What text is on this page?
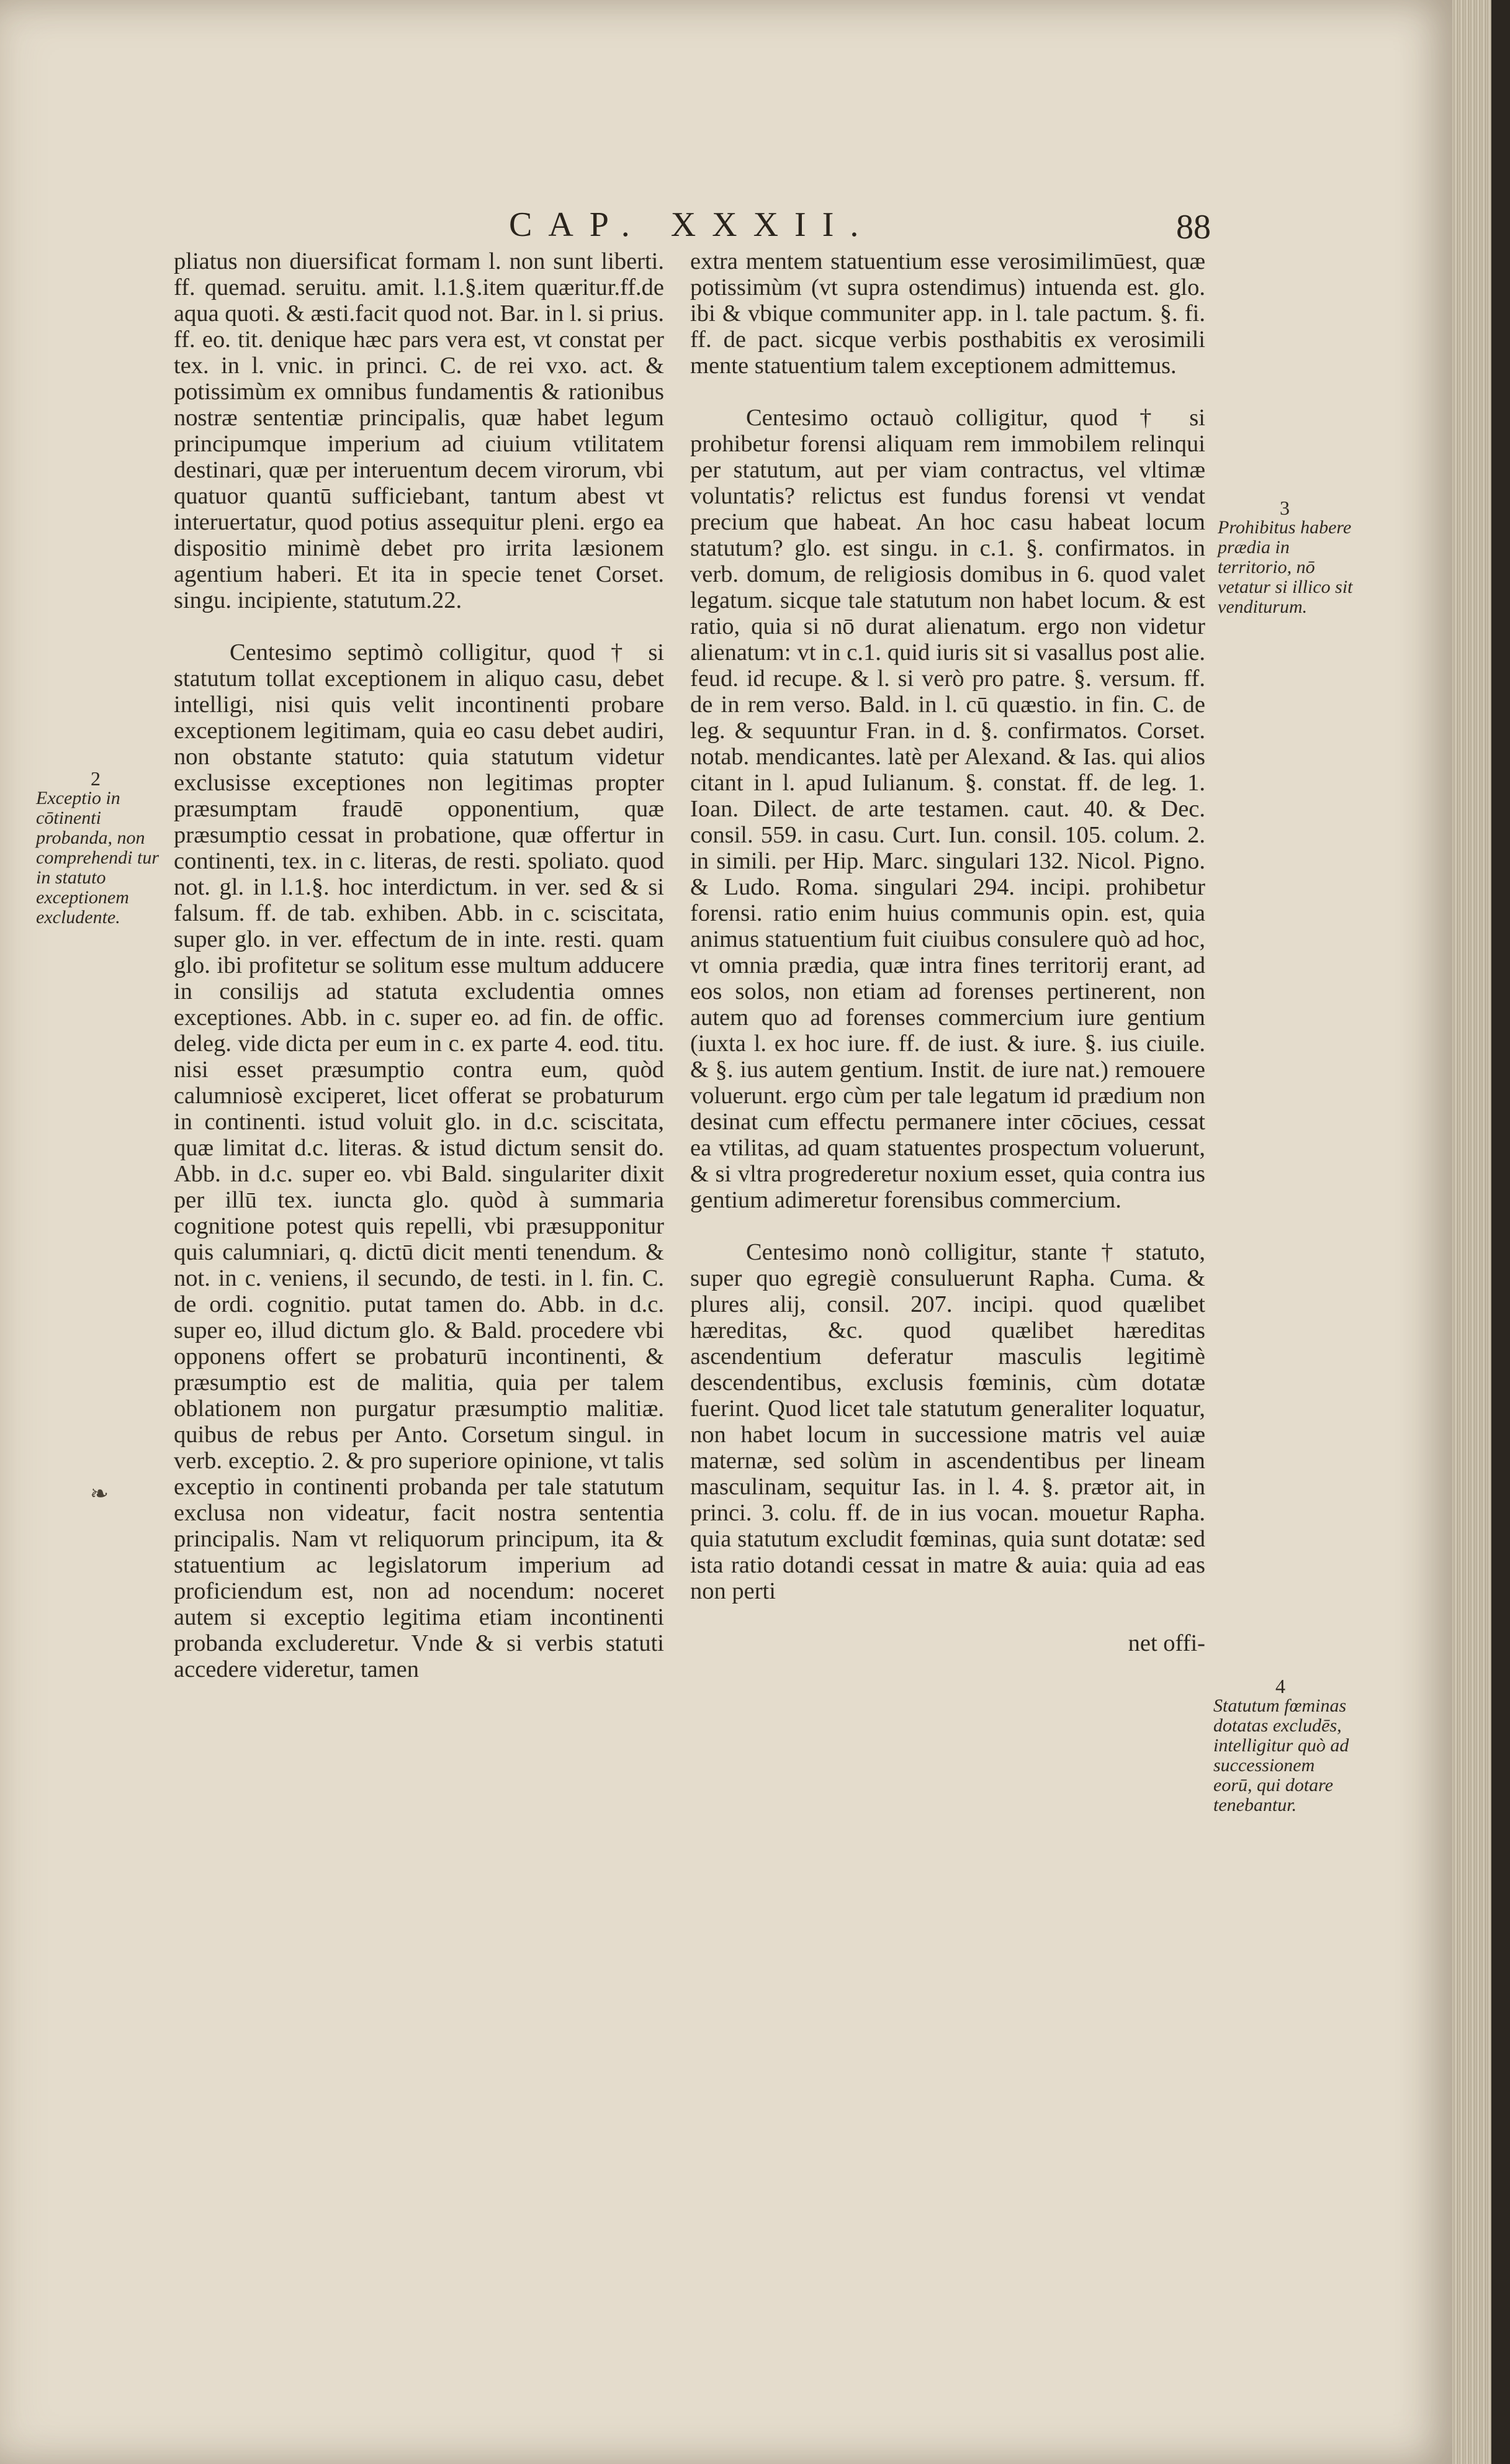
CAP. XXXII.	88

pliatus non diuersificat formam l. non sunt liberti. ff. quemad. seruitu. amit. l.1.§.item quæritur.ff.de aqua quoti. & æsti.facit quod not. Bar. in l. si prius. ff. eo. tit. denique hæc pars vera est, vt constat per tex. in l. vnic. in princi. C. de rei vxo. act. & potissimùm ex omnibus fundamentis & rationibus nostræ sententiæ principalis, quæ habet legum principumque imperium ad ciuium vtilitatem destinari, quæ per interuentum decem virorum, vbi quatuor quantū sufficiebant, tantum abest vt interuertatur, quod potius assequitur pleni. ergo ea dispositio minimè debet pro irrita læsionem agentium haberi. Et ita in specie tenet Corset. singu. incipiente, statutum.22.

Centesimo septimò colligitur, quod † si statutum tollat exceptionem in aliquo casu, debet intelligi, nisi quis velit incontinenti probare exceptionem legitimam, quia eo casu debet audiri, non obstante statuto: quia statutum videtur exclusisse exceptiones non legitimas propter præsumptam fraudē opponentium, quæ præsumptio cessat in probatione, quæ offertur in continenti, tex. in c. literas, de resti. spoliato. quod not. gl. in l.1.§. hoc interdictum. in ver. sed & si falsum. ff. de tab. exhiben. Abb. in c. sciscitata, super glo. in ver. effectum de in inte. resti. quam glo. ibi profitetur se solitum esse multum adducere in consilijs ad statuta excludentia omnes exceptiones. Abb. in c. super eo. ad fin. de offic. deleg. vide dicta per eum in c. ex parte 4. eod. titu. nisi esset præsumptio contra eum, quòd calumniosè exciperet, licet offerat se probaturum in continenti. istud voluit glo. in d.c. sciscitata, quæ limitat d.c. literas. & istud dictum sensit do. Abb. in d.c. super eo. vbi Bald. singulariter dixit per illū tex. iuncta glo. quòd à summaria cognitione potest quis repelli, vbi præsupponitur quis calumniari, q. dictū dicit menti tenendum. & not. in c. veniens, il secundo, de testi. in l. fin. C. de ordi. cognitio. putat tamen do. Abb. in d.c. super eo, illud dictum glo. & Bald. procedere vbi opponens offert se probaturū incontinenti, & præsumptio est de malitia, quia per talem oblationem non purgatur præsumptio malitiæ. quibus de rebus per Anto. Corsetum singul. in verb. exceptio. 2. & pro superiore opinione, vt talis exceptio in continenti probanda per tale statutum exclusa non videatur, facit nostra sententia principalis. Nam vt reliquorum principum, ita & statuentium ac legislatorum imperium ad proficiendum est, non ad nocendum: noceret autem si exceptio legitima etiam incontinenti probanda excluderetur. Vnde & si verbis statuti accedere videretur, tamen

extra mentem statuentium esse verosimilimūest, quæ potissimùm (vt supra ostendimus) intuenda est. glo. ibi & vbique communiter app. in l. tale pactum. §. fi. ff. de pact. sicque verbis posthabitis ex verosimili mente statuentium talem exceptionem admittemus.

Centesimo octauò colligitur, quod † si prohibetur forensi aliquam rem immobilem relinqui per statutum, aut per viam contractus, vel vltimæ voluntatis? relictus est fundus forensi vt vendat precium que habeat. An hoc casu habeat locum statutum? glo. est singu. in c.1. §. confirmatos. in verb. domum, de religiosis domibus in 6. quod valet legatum. sicque tale statutum non habet locum. & est ratio, quia si nō durat alienatum. ergo non videtur alienatum: vt in c.1. quid iuris sit si vasallus post alie. feud. id recupe. & l. si verò pro patre. §. versum. ff. de in rem verso. Bald. in l. cū quæstio. in fin. C. de leg. & sequuntur Fran. in d. §. confirmatos. Corset. notab. mendicantes. latè per Alexand. & Ias. qui alios citant in l. apud Iulianum. §. constat. ff. de leg. 1. Ioan. Dilect. de arte testamen. caut. 40. & Dec. consil. 559. in casu. Curt. Iun. consil. 105. colum. 2. in simili. per Hip. Marc. singulari 132. Nicol. Pigno. & Ludo. Roma. singulari 294. incipi. prohibetur forensi. ratio enim huius communis opin. est, quia animus statuentium fuit ciuibus consulere quò ad hoc, vt omnia prædia, quæ intra fines territorij erant, ad eos solos, non etiam ad forenses pertinerent, non autem quo ad forenses commercium iure gentium (iuxta l. ex hoc iure. ff. de iust. & iure. §. ius ciuile. & §. ius autem gentium. Instit. de iure nat.) remouere voluerunt. ergo cùm per tale legatum id prædium non desinat cum effectu permanere inter cōciues, cessat ea vtilitas, ad quam statuentes prospectum voluerunt, & si vltra progrederetur noxium esset, quia contra ius gentium adimeretur forensibus commercium.

Centesimo nonò colligitur, stante † statuto, super quo egregiè consuluerunt Rapha. Cuma. & plures alij, consil. 207. incipi. quod quælibet hæreditas, &c. quod quælibet hæreditas ascendentium deferatur masculis legitimè descendentibus, exclusis fœminis, cùm dotatæ fuerint. Quod licet tale statutum generaliter loquatur, non habet locum in successione matris vel auiæ maternæ, sed solùm in ascendentibus per lineam masculinam, sequitur Ias. in l. 4. §. prætor ait, in princi. 3. colu. ff. de in ius vocan. mouetur Rapha. quia statutum excludit fœminas, quia sunt dotatæ: sed ista ratio dotandi cessat in matre & auia: quia ad eas non perti

net offi-

2
Exceptio in cōtinenti probanda, non comprehendi tur in statuto exceptionem excludente.
3
Prohibitus habere prædia in territorio, nō vetatur si illico sit venditurum.
4
Statutum fœminas dotatas excludēs, intelligitur quò ad successionem eorū, qui dotare tenebantur.
❧
